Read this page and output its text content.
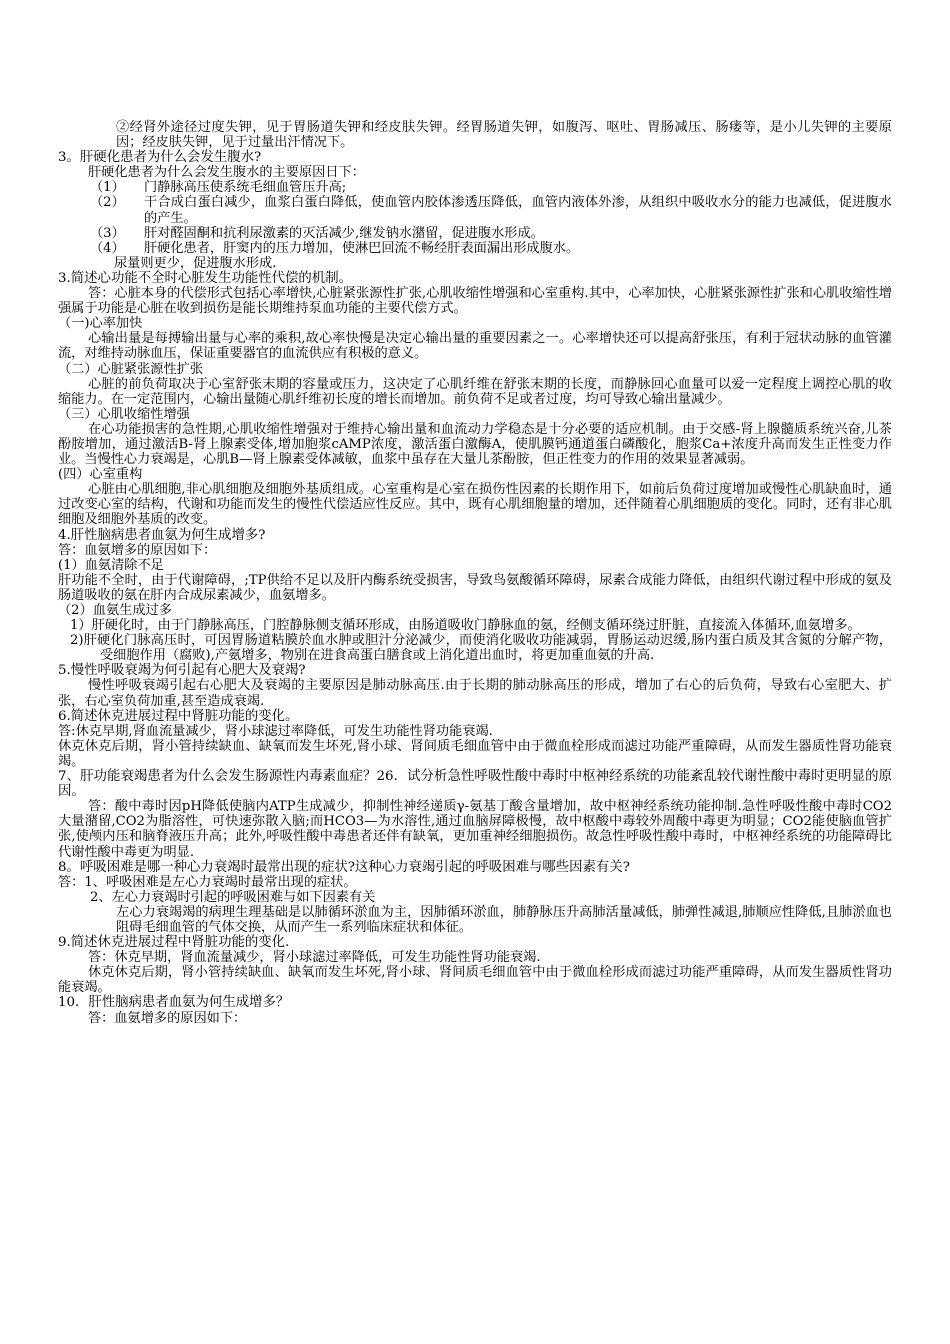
②经肾外途径过度失钾，见于胃肠道失钾和经皮肤失钾。经胃肠道失钾，如腹泻、呕吐、胃肠减压、肠瘘等，是小儿失钾的主要原因；经皮肤失钾，见于过量出汗情况下。

3。肝硬化患者为什么会发生腹水?

肝硬化患者为什么会发生腹水的主要原因日下：

（1） 门静脉高压使系统毛细血管压升高;

（2） 干合成白蛋白减少，血浆白蛋白降低，使血管内胶体渗透压降低，血管内液体外渗，从组织中吸收水分的能力也减低，促进腹水的产生。

（3） 肝对醛固酮和抗利尿激素的灭活减少,继发钠水潴留，促进腹水形成。

（4） 肝硬化患者，肝窦内的压力增加，使淋巴回流不畅经肝表面漏出形成腹水。

尿量则更少，促进腹水形成.

3.简述心功能不全时心脏发生功能性代偿的机制。

答：心脏本身的代偿形式包括心率增快,心脏紧张源性扩张,心肌收缩性增强和心室重构.其中，心率加快，心脏紧张源性扩张和心肌收缩性增强属于功能是心脏在收到损伤是能长期维持泵血功能的主要代偿方式。

（一)心率加快

心输出量是每搏输出量与心率的乘积,故心率快慢是决定心输出量的重要因素之一。心率增快还可以提高舒张压，有利于冠状动脉的血管灌流，对维持动脉血压，保证重要器官的血流供应有积极的意义。

（二）心脏紧张源性扩张

心脏的前负荷取决于心室舒张末期的容量或压力，这决定了心肌纤维在舒张末期的长度，而静脉回心血量可以爱一定程度上调控心肌的收缩能力。在一定范围内，心输出量随心肌纤维初长度的增长而增加。前负荷不足或者过度，均可导致心输出量减少。

（三）心肌收缩性增强

在心功能损害的急性期,心肌收缩性增强对于维持心输出量和血流动力学稳态是十分必要的适应机制。由于交感-肾上腺髓质系统兴奋,儿茶酚胺增加，通过激活B-肾上腺素受体,增加胞浆cAMP浓度，激活蛋白激酶A，使肌膜钙通道蛋白磷酸化，胞浆Ca+浓度升高而发生正性变力作业。当慢性心力衰竭是，心肌B—肾上腺素受体减敏，血浆中虽存在大量儿茶酚胺，但正性变力的作用的效果显著减弱。

(四）心室重构

心脏由心肌细胞,非心肌细胞及细胞外基质组成。心室重构是心室在损伤性因素的长期作用下，如前后负荷过度增加或慢性心肌缺血时，通过改变心室的结构，代谢和功能而发生的慢性代偿适应性反应。其中，既有心肌细胞量的增加，还伴随着心肌细胞质的变化。同时，还有非心肌细胞及细胞外基质的改变。

4.肝性脑病患者血氨为何生成增多?

答：血氨增多的原因如下：

(1）血氨清除不足

肝功能不全时，由于代谢障碍，;TP供给不足以及肝内酶系统受损害，导致鸟氨酸循环障碍，尿素合成能力降低，由组织代谢过程中形成的氨及肠道吸收的氨在肝内合成尿素减少，血氨增多。

（2）血氨生成过多

1）肝硬化时，由于门静脉高压，门腔静脉侧支循环形成，由肠道吸收门静脉血的氨，经侧支循环绕过肝脏，直接流入体循环,血氨增多。

2)肝硬化门脉高压时，可因胃肠道粘膜於血水肿或胆汁分泌减少，而使消化吸收功能减弱，胃肠运动迟缓,肠内蛋白质及其含氮的分解产物，受细胞作用（腐败),产氨增多，物别在进食高蛋白膳食或上消化道出血时，将更加重血氨的升高.

5.慢性呼吸衰竭为何引起有心肥大及衰竭?

慢性呼吸衰竭引起右心肥大及衰竭的主要原因是肺动脉高压.由于长期的肺动脉高压的形成，增加了右心的后负荷，导致右心室肥大、扩张，右心室负荷加重,甚至造成衰竭.

6.简述休克进展过程中肾脏功能的变化。

答:休克早期,肾血流量减少，肾小球滤过率降低，可发生功能性肾功能衰竭.

休克休克后期，肾小管持续缺血、缺氧而发生坏死,肾小球、肾间质毛细血管中由于微血栓形成而滤过功能严重障碍，从而发生器质性肾功能衰竭。

7、肝功能衰竭患者为什么会发生肠源性内毒素血症？26．试分析急性呼吸性酸中毒时中枢神经系统的功能紊乱较代谢性酸中毒时更明显的原因。

答：酸中毒时因pH降低使脑内ATP生成减少，抑制性神经递质γ-氨基丁酸含量增加，故中枢神经系统功能抑制.急性呼吸性酸中毒时CO2大量潴留,CO2为脂溶性，可快速弥散入脑;而HCO3—为水溶性,通过血脑屏障极慢，故中枢酸中毒较外周酸中毒更为明显；CO2能使脑血管扩张,使颅内压和脑脊液压升高；此外,呼吸性酸中毒患者还伴有缺氧，更加重神经细胞损伤。故急性呼吸性酸中毒时，中枢神经系统的功能障碍比代谢性酸中毒更为明显.

8。呼吸困难是哪一种心力衰竭时最常出现的症状?这种心力衰竭引起的呼吸困难与哪些因素有关?

答：1、呼吸困难是左心力衰竭时最常出现的症状。

2、左心力衰竭时引起的呼吸困难与如下因素有关

左心力衰竭竭的病理生理基础是以肺循环淤血为主，因肺循环淤血，肺静脉压升高肺活量减低，肺弹性减退,肺顺应性降低,且肺淤血也阻碍毛细血管的气体交换，从而产生一系列临床症状和体征。

9.简述休克进展过程中肾脏功能的变化.

答：休克早期，肾血流量减少，肾小球滤过率降低，可发生功能性肾功能衰竭.

休克休克后期，肾小管持续缺血、缺氧而发生坏死,肾小球、肾间质毛细血管中由于微血栓形成而滤过功能严重障碍，从而发生器质性肾功能衰竭。

10．肝性脑病患者血氨为何生成增多？

答：血氨增多的原因如下：
